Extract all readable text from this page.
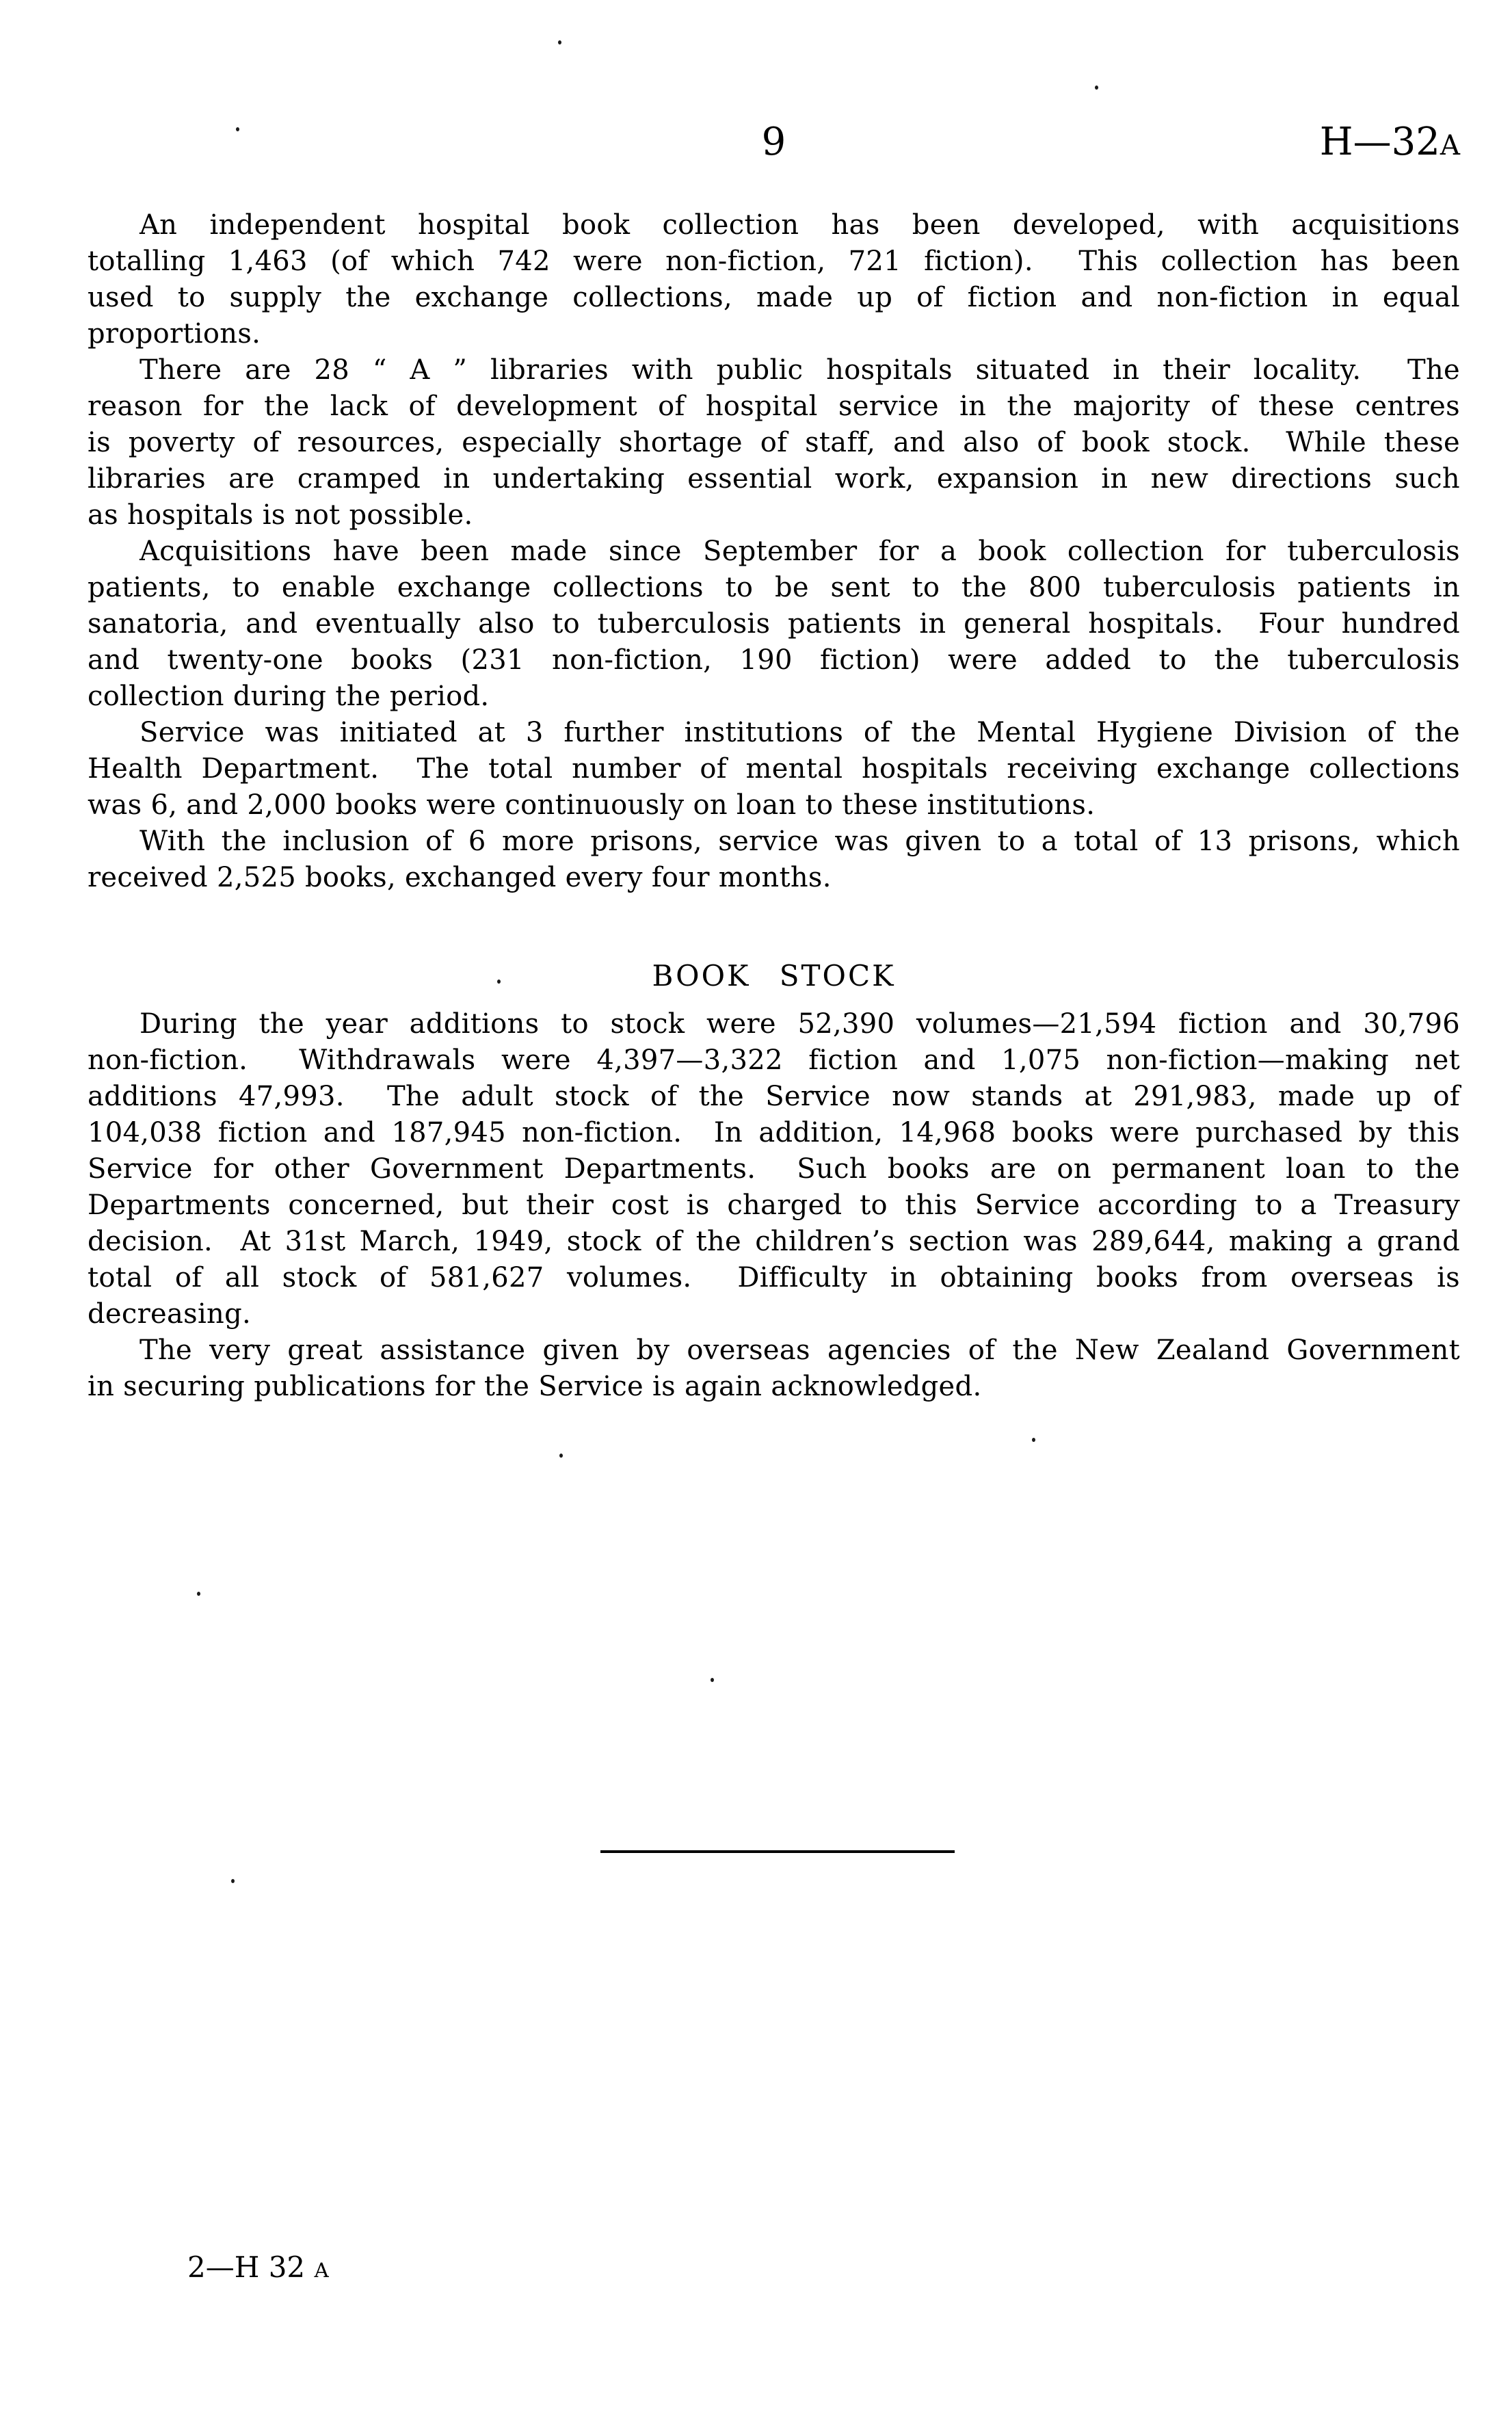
9	H—32A
An independent hospital book collection has been developed, with acquisitions
totalling 1,463 (of which 742 were non-fiction, 721 fiction).  This collection has been
used to supply the exchange collections, made up of fiction and non-fiction in equal
proportions.
There are 28 “ A ” libraries with public hospitals situated in their locality.  The
reason for the lack of development of hospital service in the majority of these centres
is poverty of resources, especially shortage of staff, and also of book stock.  While these
libraries are cramped in undertaking essential work, expansion in new directions such
as hospitals is not possible.
Acquisitions have been made since September for a book collection for tuberculosis
patients, to enable exchange collections to be sent to the 800 tuberculosis patients in
sanatoria, and eventually also to tuberculosis patients in general hospitals.  Four hundred
and twenty-one books (231 non-fiction, 190 fiction) were added to the tuberculosis
collection during the period.
Service was initiated at 3 further institutions of the Mental Hygiene Division of the
Health Department.  The total number of mental hospitals receiving exchange collections
was 6, and 2,000 books were continuously on loan to these institutions.
With the inclusion of 6 more prisons, service was given to a total of 13 prisons, which
received 2,525 books, exchanged every four months.
BOOK STOCK
During the year additions to stock were 52,390 volumes—21,594 fiction and 30,796
non-fiction.  Withdrawals were 4,397—3,322 fiction and 1,075 non-fiction—making net
additions 47,993.  The adult stock of the Service now stands at 291,983, made up of
104,038 fiction and 187,945 non-fiction.  In addition, 14,968 books were purchased by this
Service for other Government Departments.  Such books are on permanent loan to the
Departments concerned, but their cost is charged to this Service according to a Treasury
decision.  At 31st March, 1949, stock of the children’s section was 289,644, making a grand
total of all stock of 581,627 volumes.  Difficulty in obtaining books from overseas is
decreasing.
The very great assistance given by overseas agencies of the New Zealand Government
in securing publications for the Service is again acknowledged.
2—H 32 A
